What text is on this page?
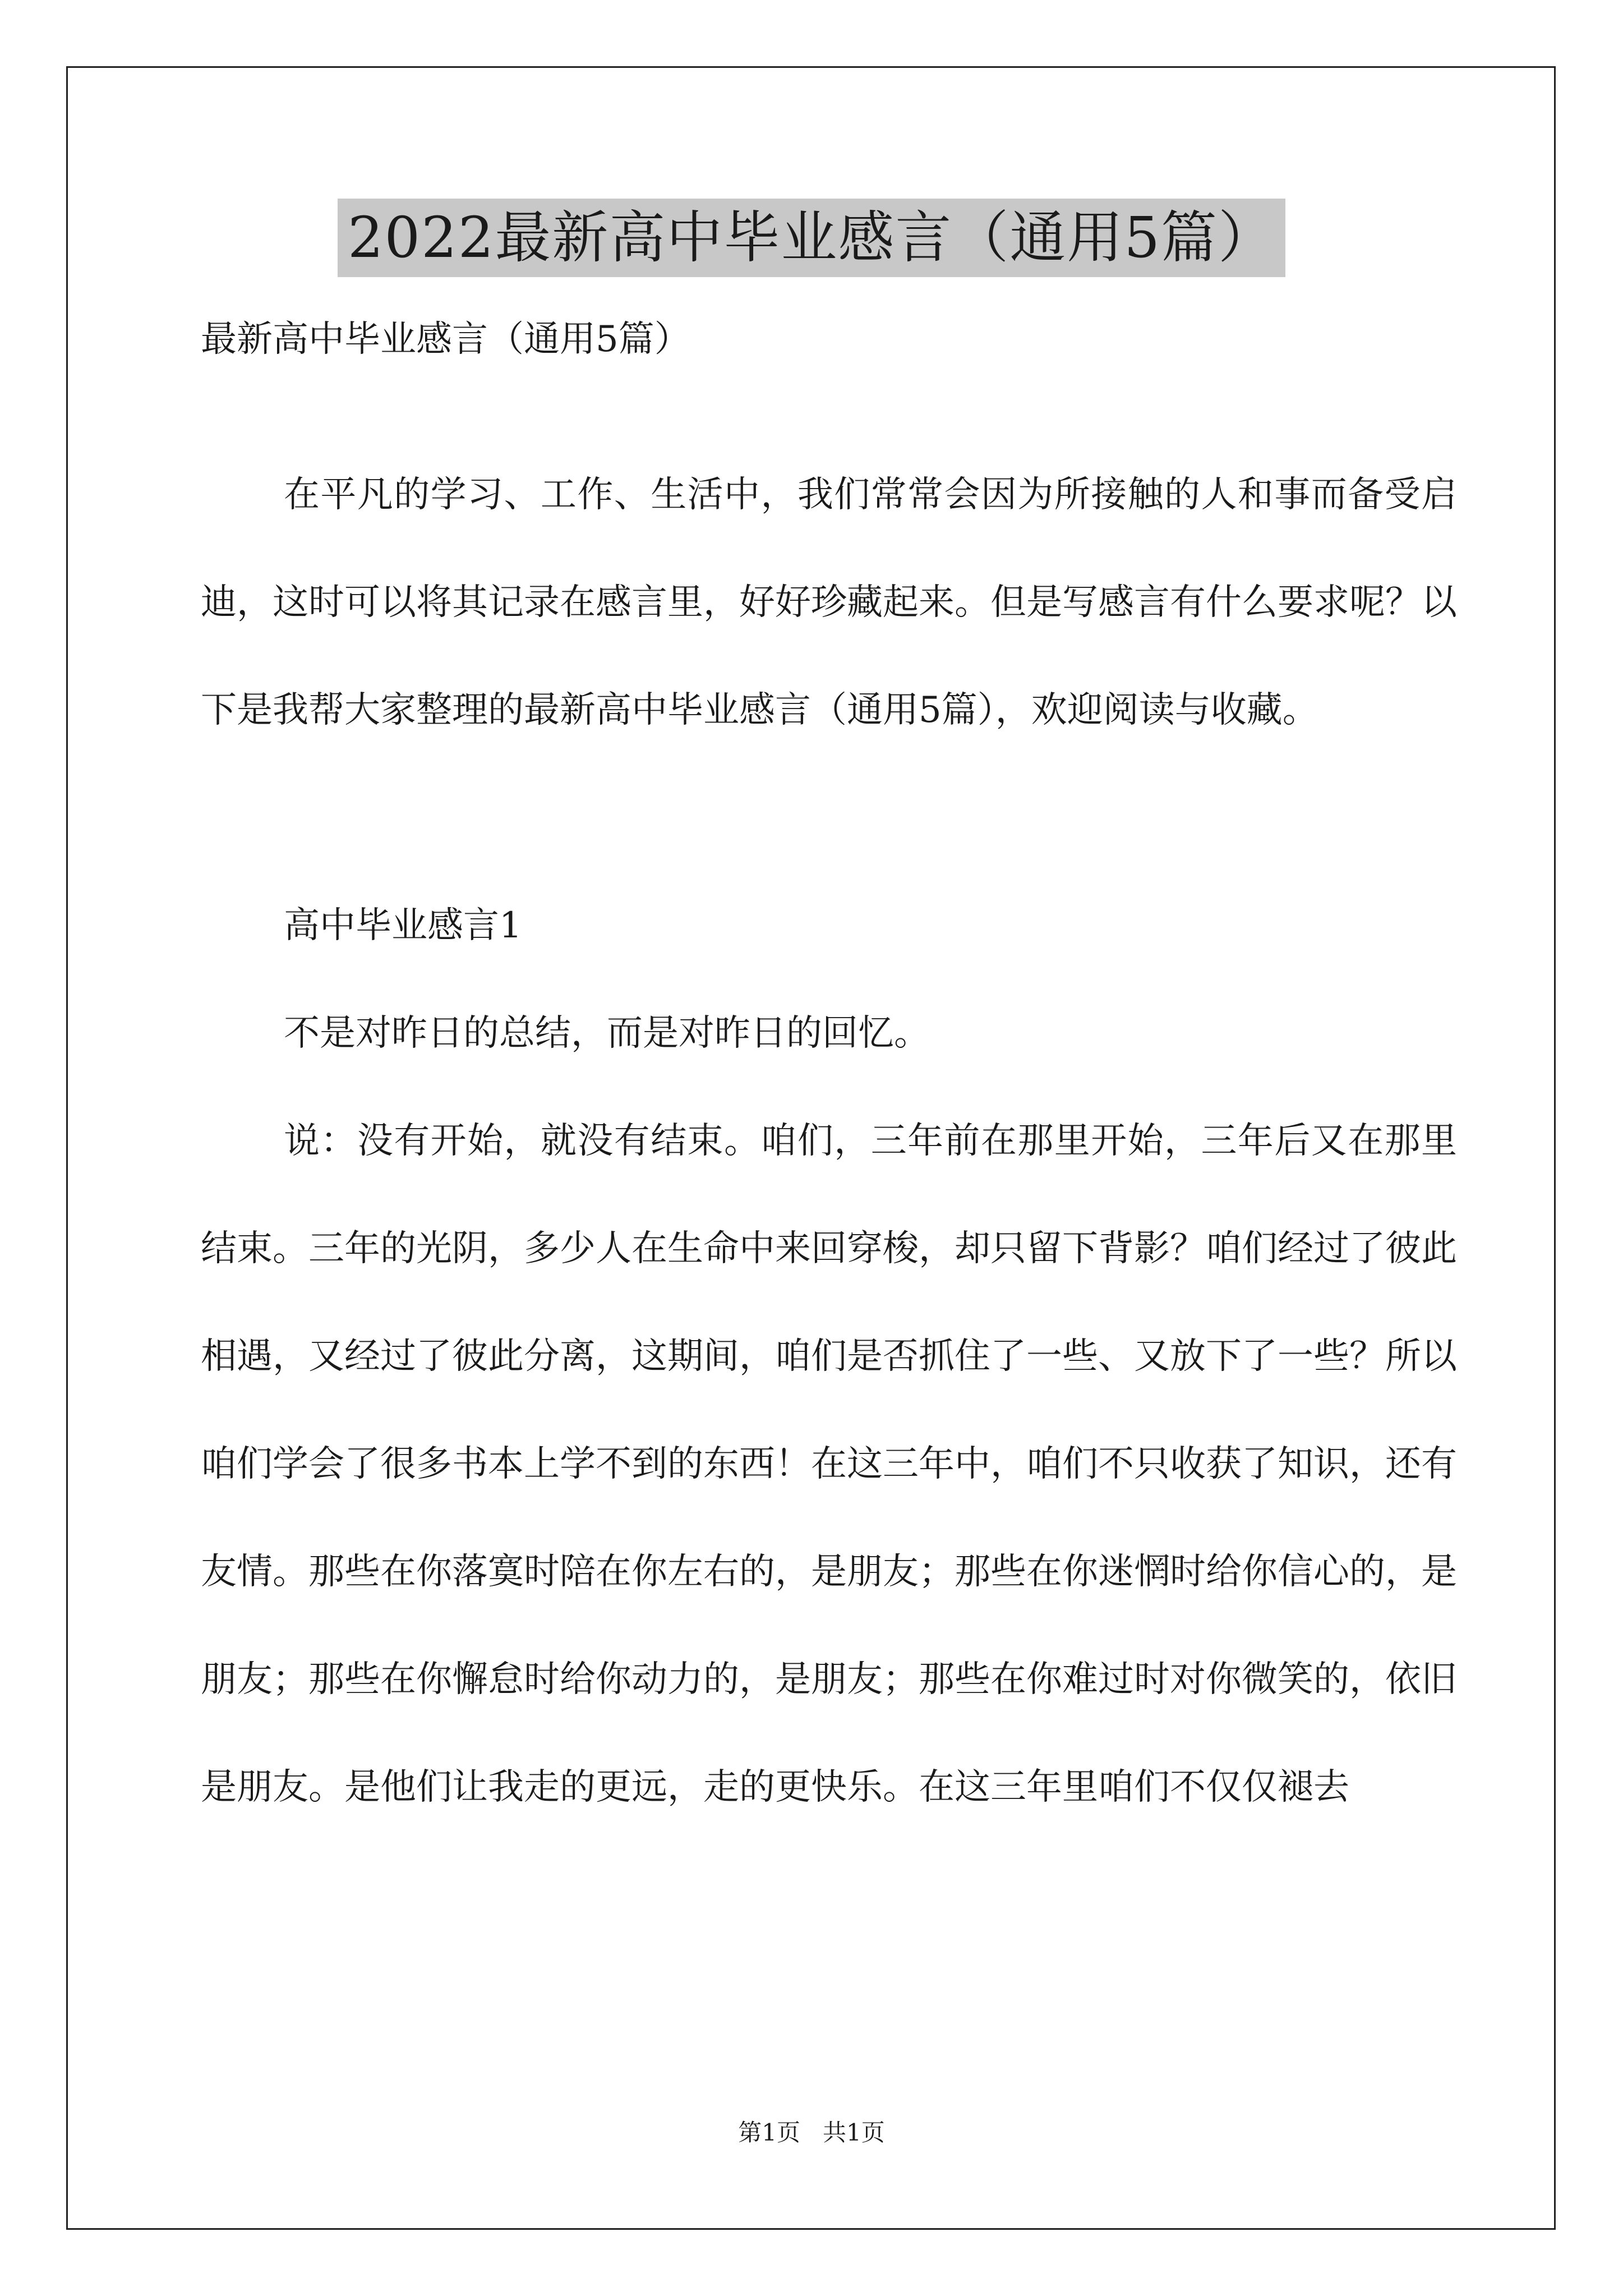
2022最新高中毕业感言（通用5篇）
最新高中毕业感言（通用5篇）

在平凡的学习、工作、生活中，我们常常会因为所接触的人和事而备受启迪，这时可以将其记录在感言里，好好珍藏起来。但是写感言有什么要求呢？以下是我帮大家整理的最新高中毕业感言（通用5篇），欢迎阅读与收藏。

高中毕业感言1

不是对昨日的总结，而是对昨日的回忆。

说：没有开始，就没有结束。咱们，三年前在那里开始，三年后又在那里结束。三年的光阴，多少人在生命中来回穿梭，却只留下背影？咱们经过了彼此相遇，又经过了彼此分离，这期间，咱们是否抓住了一些、又放下了一些？所以咱们学会了很多书本上学不到的东西！在这三年中，咱们不只收获了知识，还有友情。那些在你落寞时陪在你左右的，是朋友；那些在你迷惘时给你信心的，是朋友；那些在你懈怠时给你动力的，是朋友；那些在你难过时对你微笑的，依旧是朋友。是他们让我走的更远，走的更快乐。在这三年里咱们不仅仅褪去

第1页   共1页
